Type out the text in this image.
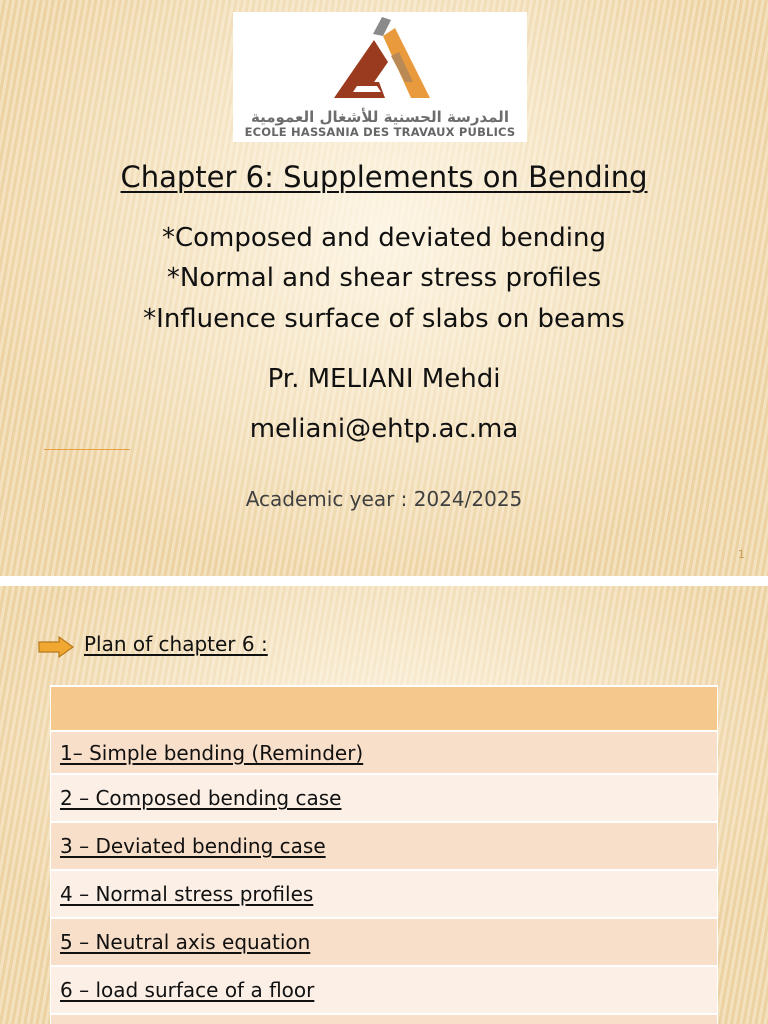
المدرسة الحسنية للأشغال العمومية
ECOLE HASSANIA DES TRAVAUX PUBLICS
Chapter 6: Supplements on Bending
*Composed and deviated bending
*Normal and shear stress profiles
*Influence surface of slabs on beams
Pr. MELIANI Mehdi
meliani@ehtp.ac.ma
Academic year : 2024/2025
1
Plan of chapter 6 :

1– Simple bending (Reminder)
2 – Composed bending case
3 – Deviated bending case
4 – Normal stress profiles
5 – Neutral axis equation
6 – load surface of a floor
